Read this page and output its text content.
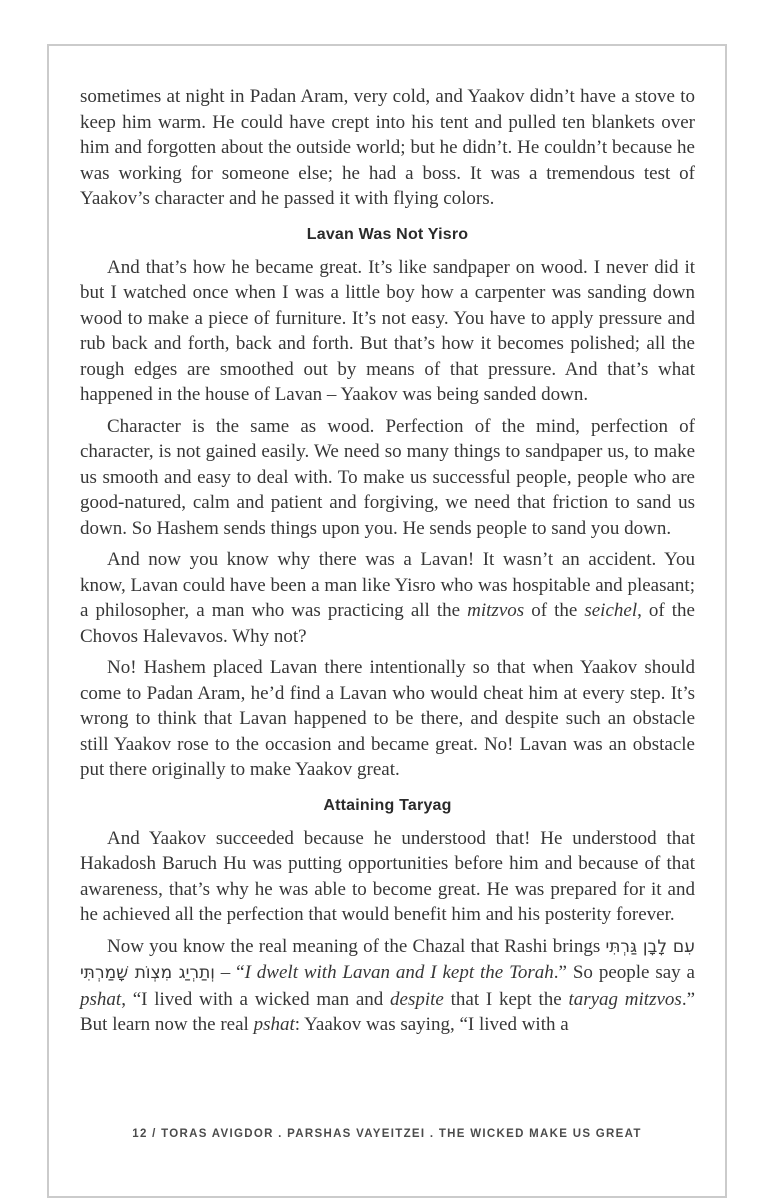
sometimes at night in Padan Aram, very cold, and Yaakov didn’t have a stove to keep him warm. He could have crept into his tent and pulled ten blankets over him and forgotten about the outside world; but he didn’t. He couldn’t because he was working for someone else; he had a boss. It was a tremendous test of Yaakov’s character and he passed it with flying colors.

Lavan Was Not Yisro

And that’s how he became great. It’s like sandpaper on wood. I never did it but I watched once when I was a little boy how a carpenter was sanding down wood to make a piece of furniture. It’s not easy. You have to apply pressure and rub back and forth, back and forth. But that’s how it becomes polished; all the rough edges are smoothed out by means of that pressure. And that’s what happened in the house of Lavan – Yaakov was being sanded down.

Character is the same as wood. Perfection of the mind, perfection of character, is not gained easily. We need so many things to sandpaper us, to make us smooth and easy to deal with. To make us successful people, people who are good-natured, calm and patient and forgiving, we need that friction to sand us down. So Hashem sends things upon you. He sends people to sand you down.

And now you know why there was a Lavan! It wasn’t an accident. You know, Lavan could have been a man like Yisro who was hospitable and pleasant; a philosopher, a man who was practicing all the mitzvos of the seichel, of the Chovos Halevavos. Why not?

No! Hashem placed Lavan there intentionally so that when Yaakov should come to Padan Aram, he’d find a Lavan who would cheat him at every step. It’s wrong to think that Lavan happened to be there, and despite such an obstacle still Yaakov rose to the occasion and became great. No! Lavan was an obstacle put there originally to make Yaakov great.

Attaining Taryag

And Yaakov succeeded because he understood that! He understood that Hakadosh Baruch Hu was putting opportunities before him and because of that awareness, that’s why he was able to become great. He was prepared for it and he achieved all the perfection that would benefit him and his posterity forever.

Now you know the real meaning of the Chazal that Rashi brings עִם לָבָן גַּרְתִּי וְתַרְיַג מִצְוֹת שָׁמַרְתִּי – “I dwelt with Lavan and I kept the Torah.” So people say a pshat, “I lived with a wicked man and despite that I kept the taryag mitzvos.” But learn now the real pshat: Yaakov was saying, “I lived with a

12 / TORAS AVIGDOR . PARSHAS VAYEITZEI . THE WICKED MAKE US GREAT
